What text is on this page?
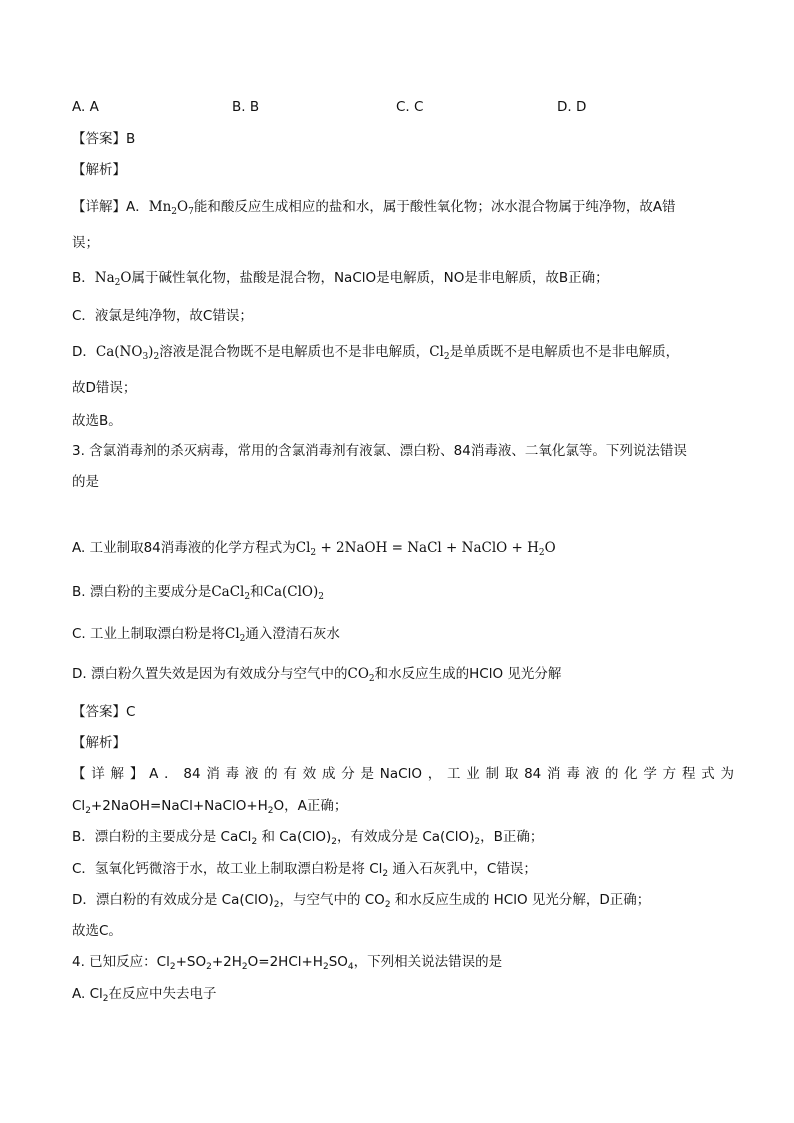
A. A	B. B	C. C	D. D
【答案】B
【解析】
【详解】A．$Mn_2O_7$能和酸反应生成相应的盐和水，属于酸性氧化物；冰水混合物属于纯净物，故A错
误；
B．$Na_2O$属于碱性氧化物，盐酸是混合物，NaClO是电解质，NO是非电解质，故B正确；
C．液氯是纯净物，故C错误；
D．$Ca(NO_3)_2$溶液是混合物既不是电解质也不是非电解质，$Cl_2$是单质既不是电解质也不是非电解质，
故D错误；
故选B。
3. 含氯消毒剂的杀灭病毒，常用的含氯消毒剂有液氯、漂白粉、84消毒液、二氧化氯等。下列说法错误
的是
A. 工业制取84消毒液的化学方程式为$Cl_2$ + 2NaOH = NaCl + NaClO + $H_2O$
B. 漂白粉的主要成分是CaCl$_2$和$Ca(ClO)_2$
C. 工业上制取漂白粉是将$Cl_2$通入澄清石灰水
D. 漂白粉久置失效是因为有效成分与空气中的$CO_2$和水反应生成的HClO 见光分解
【答案】C
【解析】
【详解】A．84消毒液的有效成分是NaClO，工业制取84消毒液的化学方程式为
$Cl_2+2NaOH=NaCl+NaClO+H_2O$，A正确；
B．漂白粉的主要成分是 CaCl$_2$ 和 $Ca(ClO)_2$，有效成分是 $Ca(ClO)_2$，B正确；
C．氢氧化钙微溶于水，故工业上制取漂白粉是将 $Cl_2$ 通入石灰乳中，C错误；
D．漂白粉的有效成分是 $Ca(ClO)_2$，与空气中的 $CO_2$ 和水反应生成的 HClO 见光分解，D正确；
故选C。
4. 已知反应：$Cl_2+SO_2+2H_2O=2HCl+H_2SO_4$，下列相关说法错误的是
A. $Cl_2$在反应中失去电子
